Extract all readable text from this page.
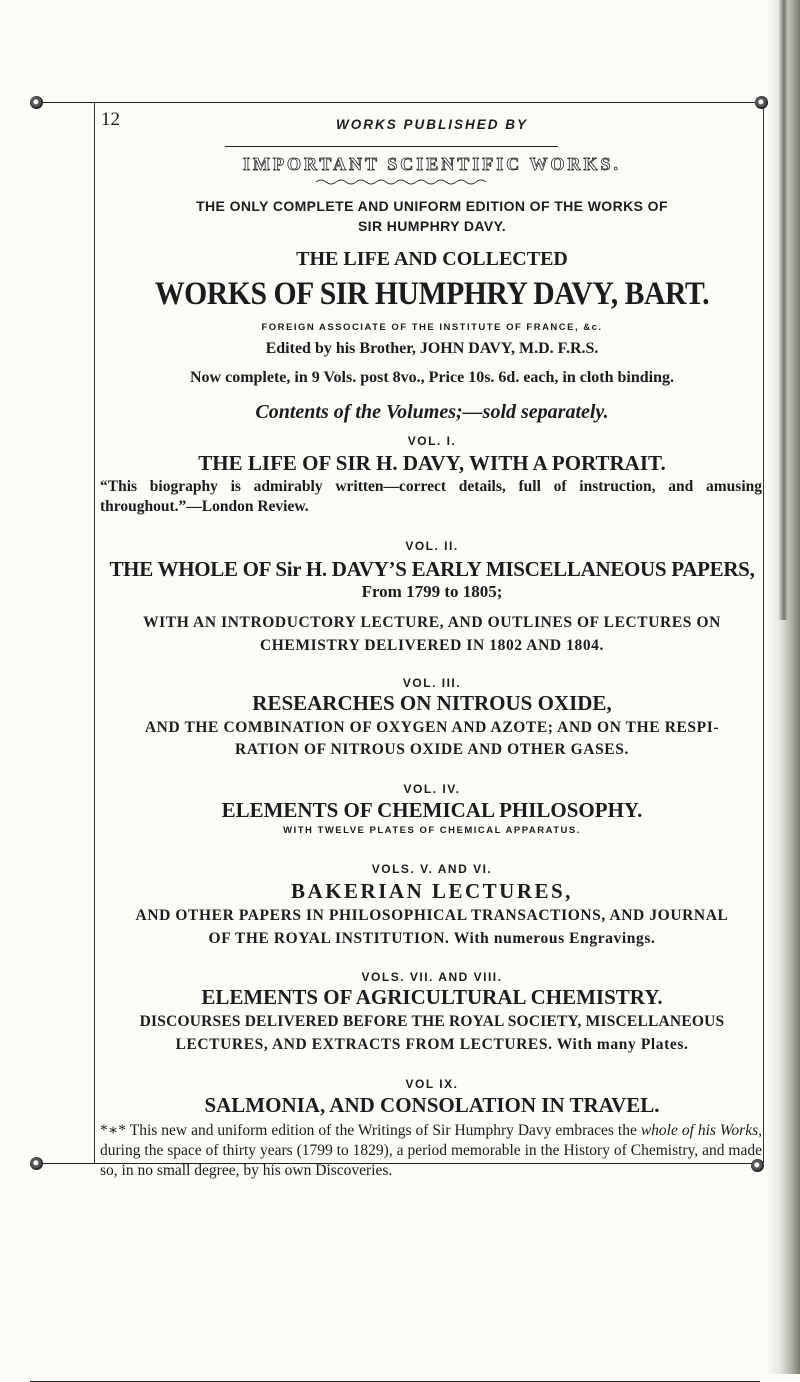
12	WORKS PUBLISHED BY
IMPORTANT SCIENTIFIC WORKS.
THE ONLY COMPLETE AND UNIFORM EDITION OF THE WORKS OF
SIR HUMPHRY DAVY.
THE LIFE AND COLLECTED
WORKS OF SIR HUMPHRY DAVY, BART.
FOREIGN ASSOCIATE OF THE INSTITUTE OF FRANCE, &c.
Edited by his Brother, JOHN DAVY, M.D. F.R.S.
Now complete, in 9 Vols. post 8vo., Price 10s. 6d. each, in cloth binding.
Contents of the Volumes;—sold separately.
VOL. I.
THE LIFE OF SIR H. DAVY, WITH A PORTRAIT.
“This biography is admirably written—correct details, full of instruction, and amusing throughout.”—London Review.
VOL. II.
THE WHOLE OF Sir H. DAVY’S EARLY MISCELLANEOUS PAPERS,
From 1799 to 1805;
WITH AN INTRODUCTORY LECTURE, AND OUTLINES OF LECTURES ON
CHEMISTRY DELIVERED IN 1802 AND 1804.
VOL. III.
RESEARCHES ON NITROUS OXIDE,
AND THE COMBINATION OF OXYGEN AND AZOTE; AND ON THE RESPI-
RATION OF NITROUS OXIDE AND OTHER GASES.
VOL. IV.
ELEMENTS OF CHEMICAL PHILOSOPHY.
WITH TWELVE PLATES OF CHEMICAL APPARATUS.
VOLS. V. AND VI.
BAKERIAN LECTURES,
AND OTHER PAPERS IN PHILOSOPHICAL TRANSACTIONS, AND JOURNAL
OF THE ROYAL INSTITUTION. With numerous Engravings.
VOLS. VII. AND VIII.
ELEMENTS OF AGRICULTURAL CHEMISTRY.
DISCOURSES DELIVERED BEFORE THE ROYAL SOCIETY, MISCELLANEOUS
LECTURES, AND EXTRACTS FROM LECTURES. With many Plates.
VOL IX.
SALMONIA, AND CONSOLATION IN TRAVEL.
*∗* This new and uniform edition of the Writings of Sir Humphry Davy embraces the whole of his Works, during the space of thirty years (1799 to 1829), a period memorable in the History of Chemistry, and made so, in no small degree, by his own Discoveries.
